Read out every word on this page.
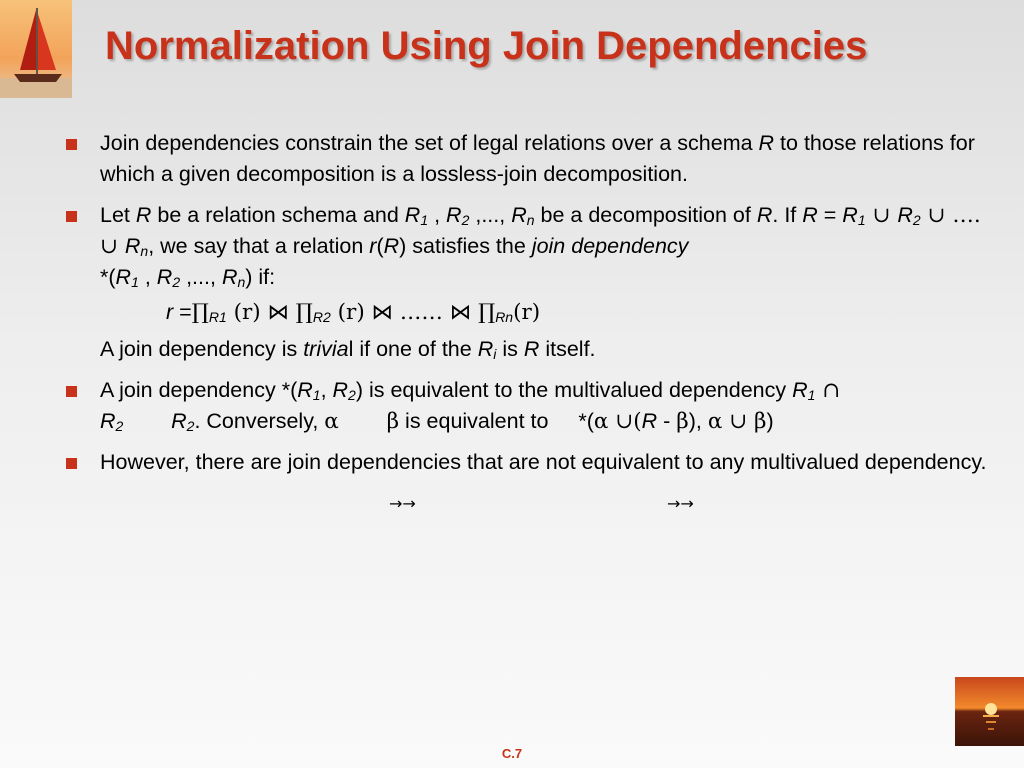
Normalization Using Join Dependencies
Join dependencies constrain the set of legal relations over a schema R to those relations for which a given decomposition is a lossless-join decomposition.
Let R be a relation schema and $R_1$ , $R_2$ ,..., $R_n$ be a decomposition of R. If $R = R_1$ ∪ $R_2$ ∪ …. ∪ $R_n$, we say that a relation r(R) satisfies the join dependency
$*(R_1$ , $R_2$ ,..., $R_n$) if:
$r =\prod_{R1}$ (r) ⋈ $\prod_{R2}$ (r) ⋈ …… ⋈ $\prod_{Rn}(r)$
A join dependency is trivial if one of the $R_i$ is R itself.
A join dependency $*(R_1$, $R_2$) is equivalent to the multivalued dependency $R_1$ ∩
$R_2$ $R_2$. Conversely, α β is equivalent to     *(α ∪(R - β), α ∪ β)
However, there are join dependencies that are not equivalent to any multivalued dependency.
→→	→→
C.7
